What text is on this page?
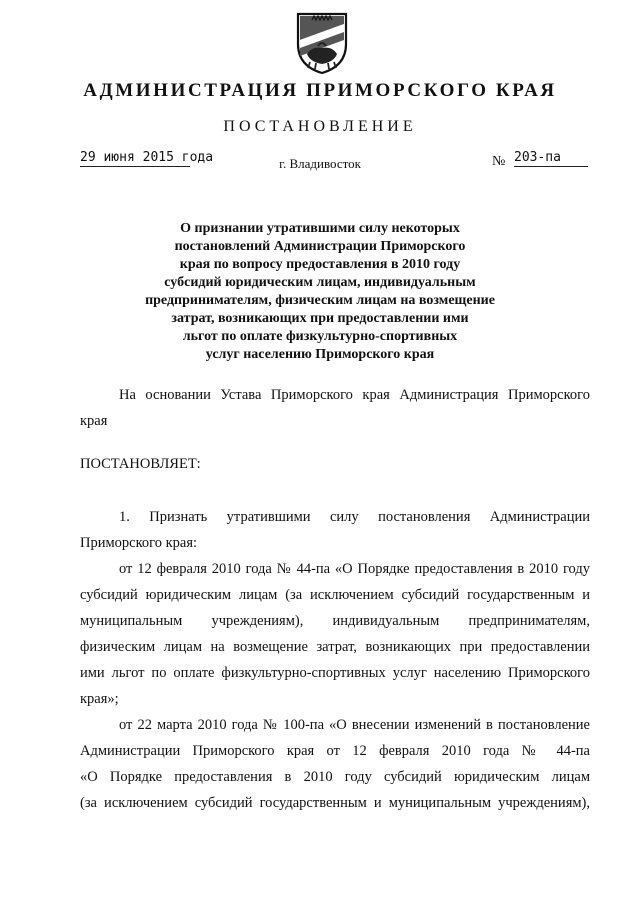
АДМИНИСТРАЦИЯ ПРИМОРСКОГО КРАЯ
ПОСТАНОВЛЕНИЕ
29 июня 2015 года	г. Владивосток	№ 203-па
О признании утратившими силу некоторых
постановлений Администрации Приморского
края по вопросу предоставления в 2010 году
субсидий юридическим лицам, индивидуальным
предпринимателям, физическим лицам на возмещение
затрат, возникающих при предоставлении ими
льгот по оплате физкультурно-спортивных
услуг населению Приморского края
На основании Устава Приморского края Администрация Приморского
края
ПОСТАНОВЛЯЕТ:
1. Признать утратившими силу постановления Администрации
Приморского края:
от 12 февраля 2010 года № 44-па «О Порядке предоставления в 2010 году
субсидий юридическим лицам (за исключением субсидий государственным и
муниципальным учреждениям), индивидуальным предпринимателям,
физическим лицам на возмещение затрат, возникающих при предоставлении
ими льгот по оплате физкультурно-спортивных услуг населению Приморского
края»;
от 22 марта 2010 года № 100-па «О внесении изменений в постановление
Администрации Приморского края от 12 февраля 2010 года № 44-па
«О Порядке предоставления в 2010 году субсидий юридическим лицам
(за исключением субсидий государственным и муниципальным учреждениям),
